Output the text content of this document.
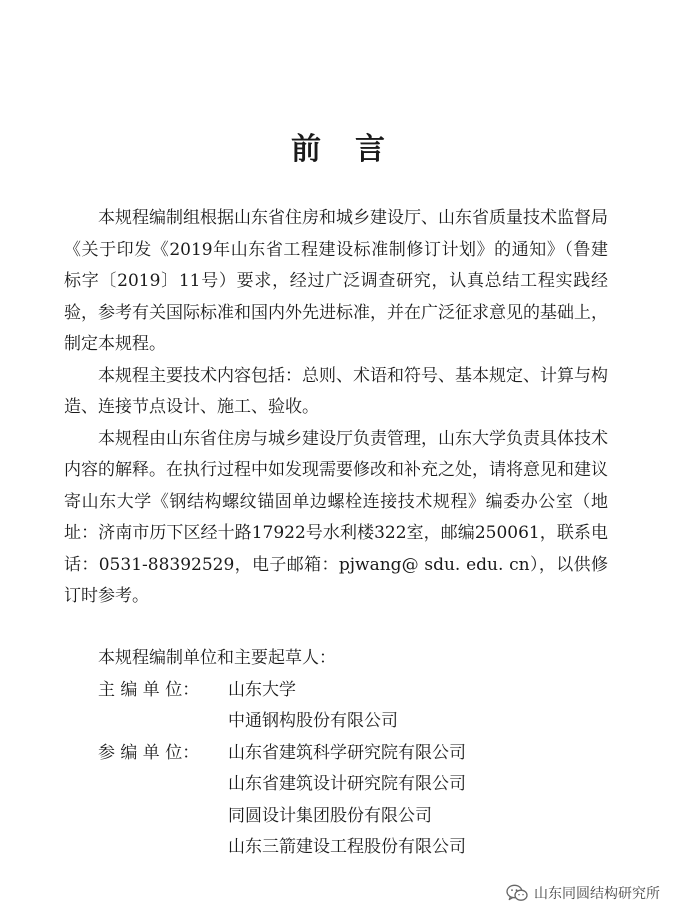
前　言

本规程编制组根据山东省住房和城乡建设厅、山东省质量技术监督局《关于印发《2019年山东省工程建设标准制修订计划》的通知》（鲁建标字〔2019〕11号）要求，经过广泛调查研究，认真总结工程实践经验，参考有关国际标准和国内外先进标准，并在广泛征求意见的基础上，制定本规程。

本规程主要技术内容包括：总则、术语和符号、基本规定、计算与构造、连接节点设计、施工、验收。

本规程由山东省住房与城乡建设厅负责管理，山东大学负责具体技术内容的解释。在执行过程中如发现需要修改和补充之处，请将意见和建议寄山东大学《钢结构螺纹锚固单边螺栓连接技术规程》编委办公室（地址：济南市历下区经十路17922号水利楼322室，邮编250061，联系电话：0531-88392529，电子邮箱：pjwang@ sdu. edu. cn），以供修订时参考。

本规程编制单位和主要起草人：

主 编 单 位：	山东大学
中通钢构股份有限公司
参 编 单 位：	山东省建筑科学研究院有限公司
山东省建筑设计研究院有限公司
同圆设计集团股份有限公司
山东三箭建设工程股份有限公司
山东同圆结构研究所
